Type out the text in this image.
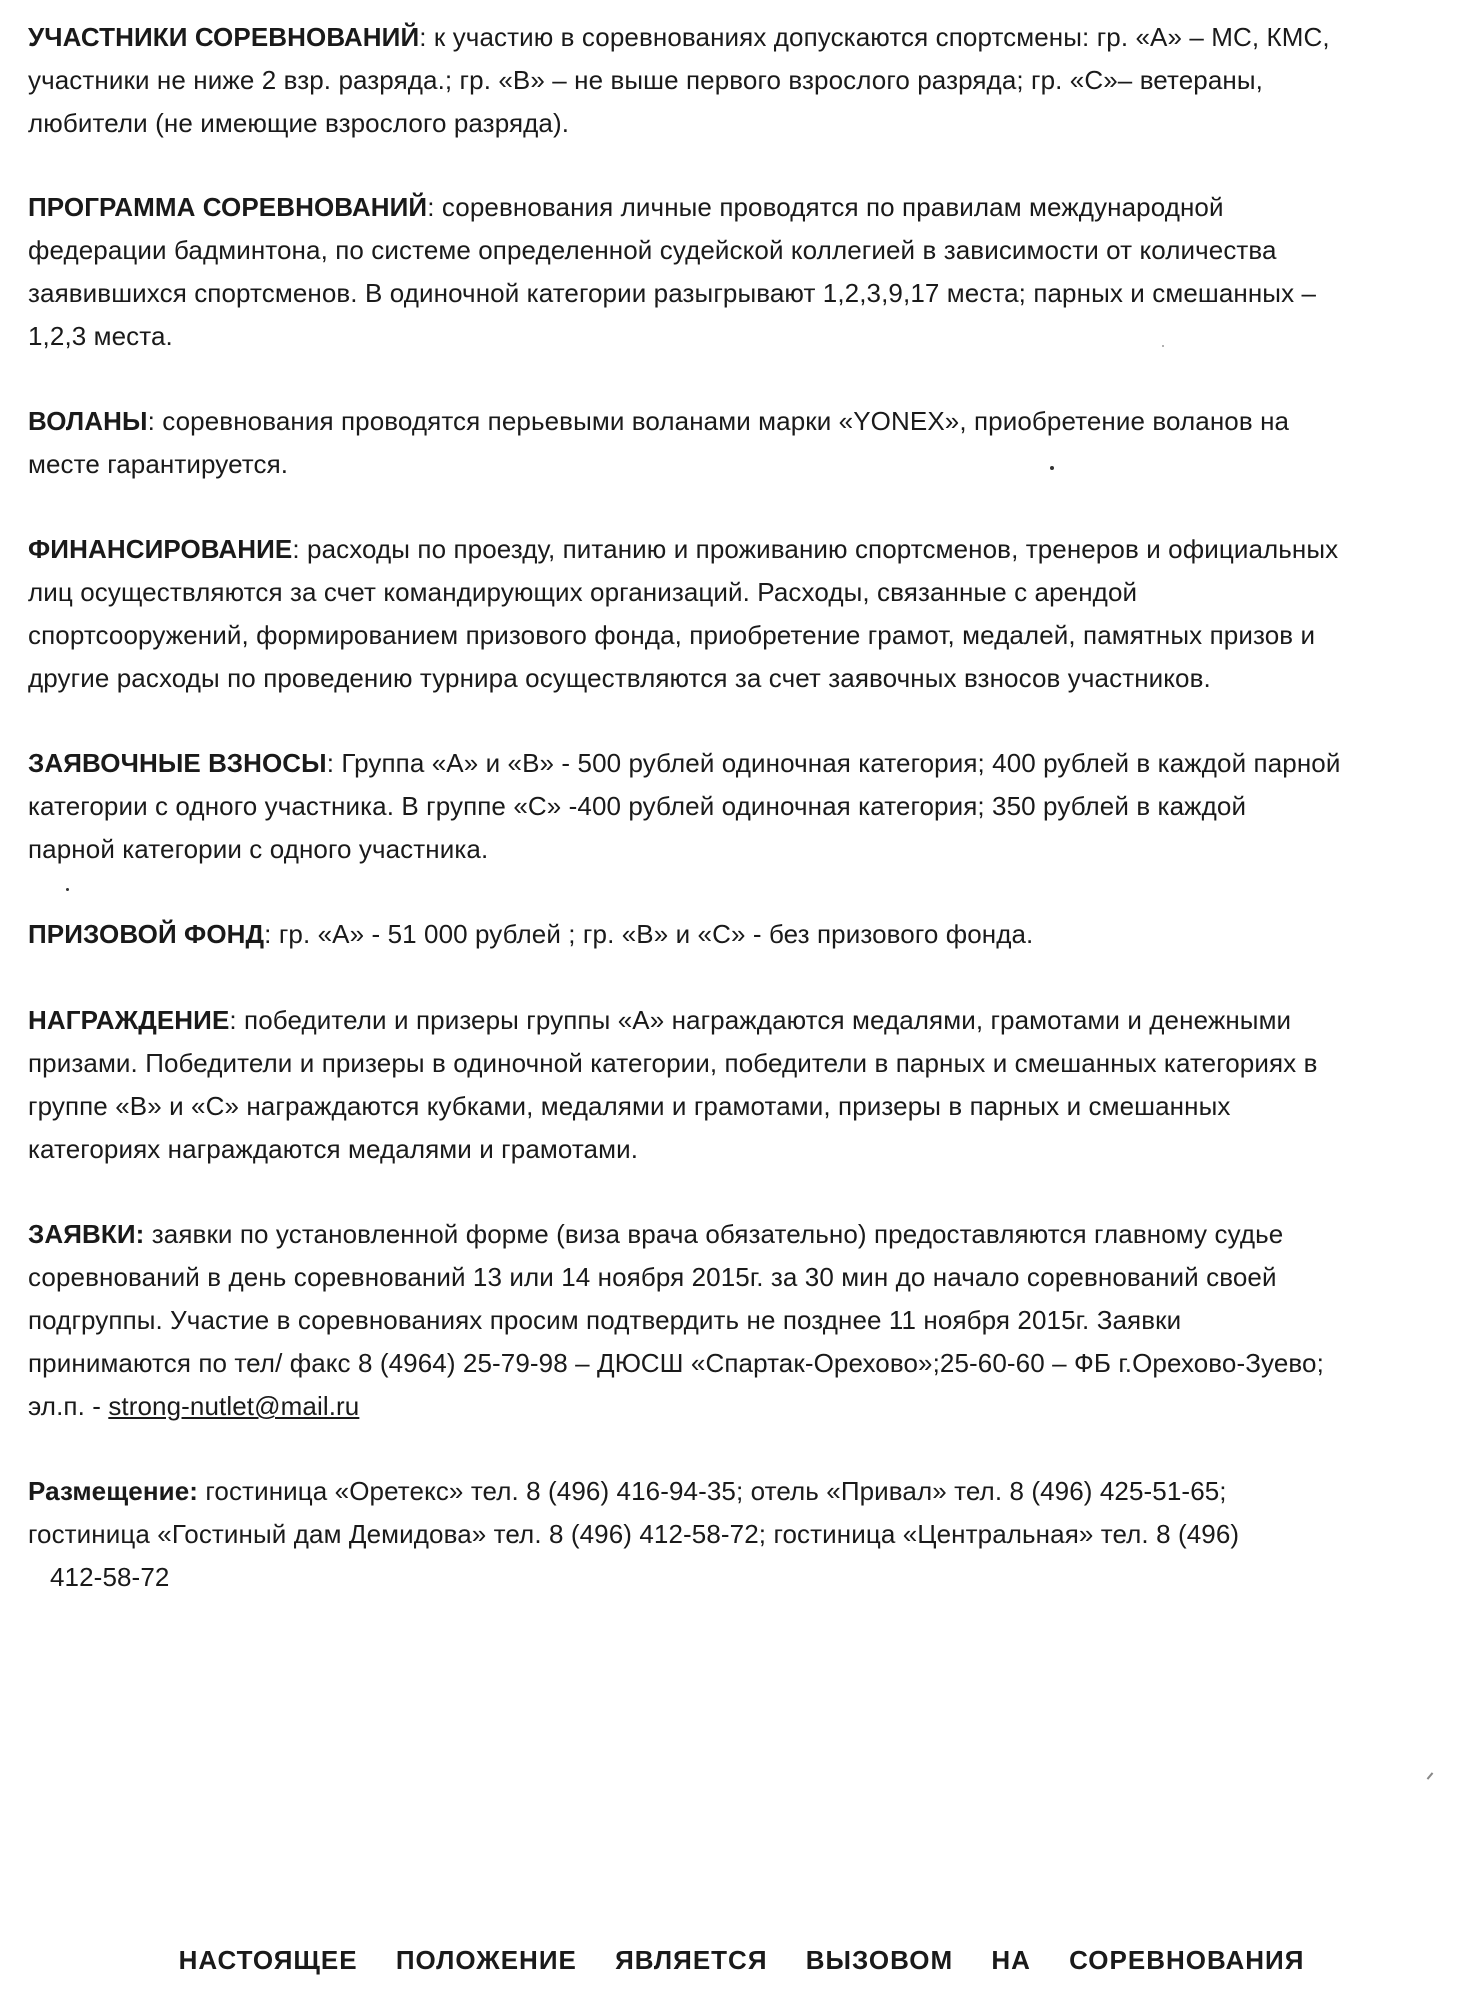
УЧАСТНИКИ СОРЕВНОВАНИЙ: к участию в соревнованиях допускаются спортсмены: гр. «А» – МС, КМС,
участники не ниже 2 взр. разряда.; гр. «В» – не выше первого взрослого разряда; гр. «С»– ветераны,
любители (не имеющие взрослого разряда).
ПРОГРАММА СОРЕВНОВАНИЙ: соревнования личные проводятся по правилам международной
федерации бадминтона, по системе определенной судейской коллегией в зависимости от количества
заявившихся спортсменов. В одиночной категории разыгрывают 1,2,3,9,17 места; парных и смешанных –
1,2,3 места.
ВОЛАНЫ: соревнования проводятся перьевыми воланами марки «YONEX», приобретение воланов на
месте гарантируется.
ФИНАНСИРОВАНИЕ: расходы по проезду, питанию и проживанию спортсменов, тренеров и официальных
лиц осуществляются за счет командирующих организаций. Расходы, связанные с арендой
спортсооружений, формированием призового фонда, приобретение грамот, медалей, памятных призов и
другие расходы по проведению турнира осуществляются за счет заявочных взносов участников.
ЗАЯВОЧНЫЕ ВЗНОСЫ: Группа «А» и «В» - 500 рублей одиночная категория; 400 рублей в каждой парной
категории с одного участника. В группе «С» -400 рублей одиночная категория; 350 рублей в каждой
парной категории с одного участника.
ПРИЗОВОЙ ФОНД: гр. «А» - 51 000 рублей ; гр. «В» и «С» - без призового фонда.
НАГРАЖДЕНИЕ: победители и призеры группы «А» награждаются медалями, грамотами и денежными
призами. Победители и призеры в одиночной категории, победители в парных и смешанных категориях в
группе «В» и «С» награждаются кубками, медалями и грамотами, призеры в парных и смешанных
категориях награждаются медалями и грамотами.
ЗАЯВКИ: заявки по установленной форме (виза врача обязательно) предоставляются главному судье
соревнований в день соревнований 13 или 14 ноября 2015г. за 30 мин до начало соревнований своей
подгруппы. Участие в соревнованиях просим подтвердить не позднее 11 ноября 2015г. Заявки
принимаются по тел/ факс 8 (4964) 25-79-98 – ДЮСШ «Спартак-Орехово»;25-60-60 – ФБ г.Орехово-Зуево;
эл.п. - strong-nutlet@mail.ru
Размещение: гостиница «Оретекс» тел. 8 (496) 416-94-35; отель «Привал» тел. 8 (496) 425-51-65;
гостиница «Гостиный дам Демидова» тел. 8 (496) 412-58-72; гостиница «Центральная» тел. 8 (496)
412-58-72
НАСТОЯЩЕЕ ПОЛОЖЕНИЕ ЯВЛЯЕТСЯ ВЫЗОВОМ НА СОРЕВНОВАНИЯ
